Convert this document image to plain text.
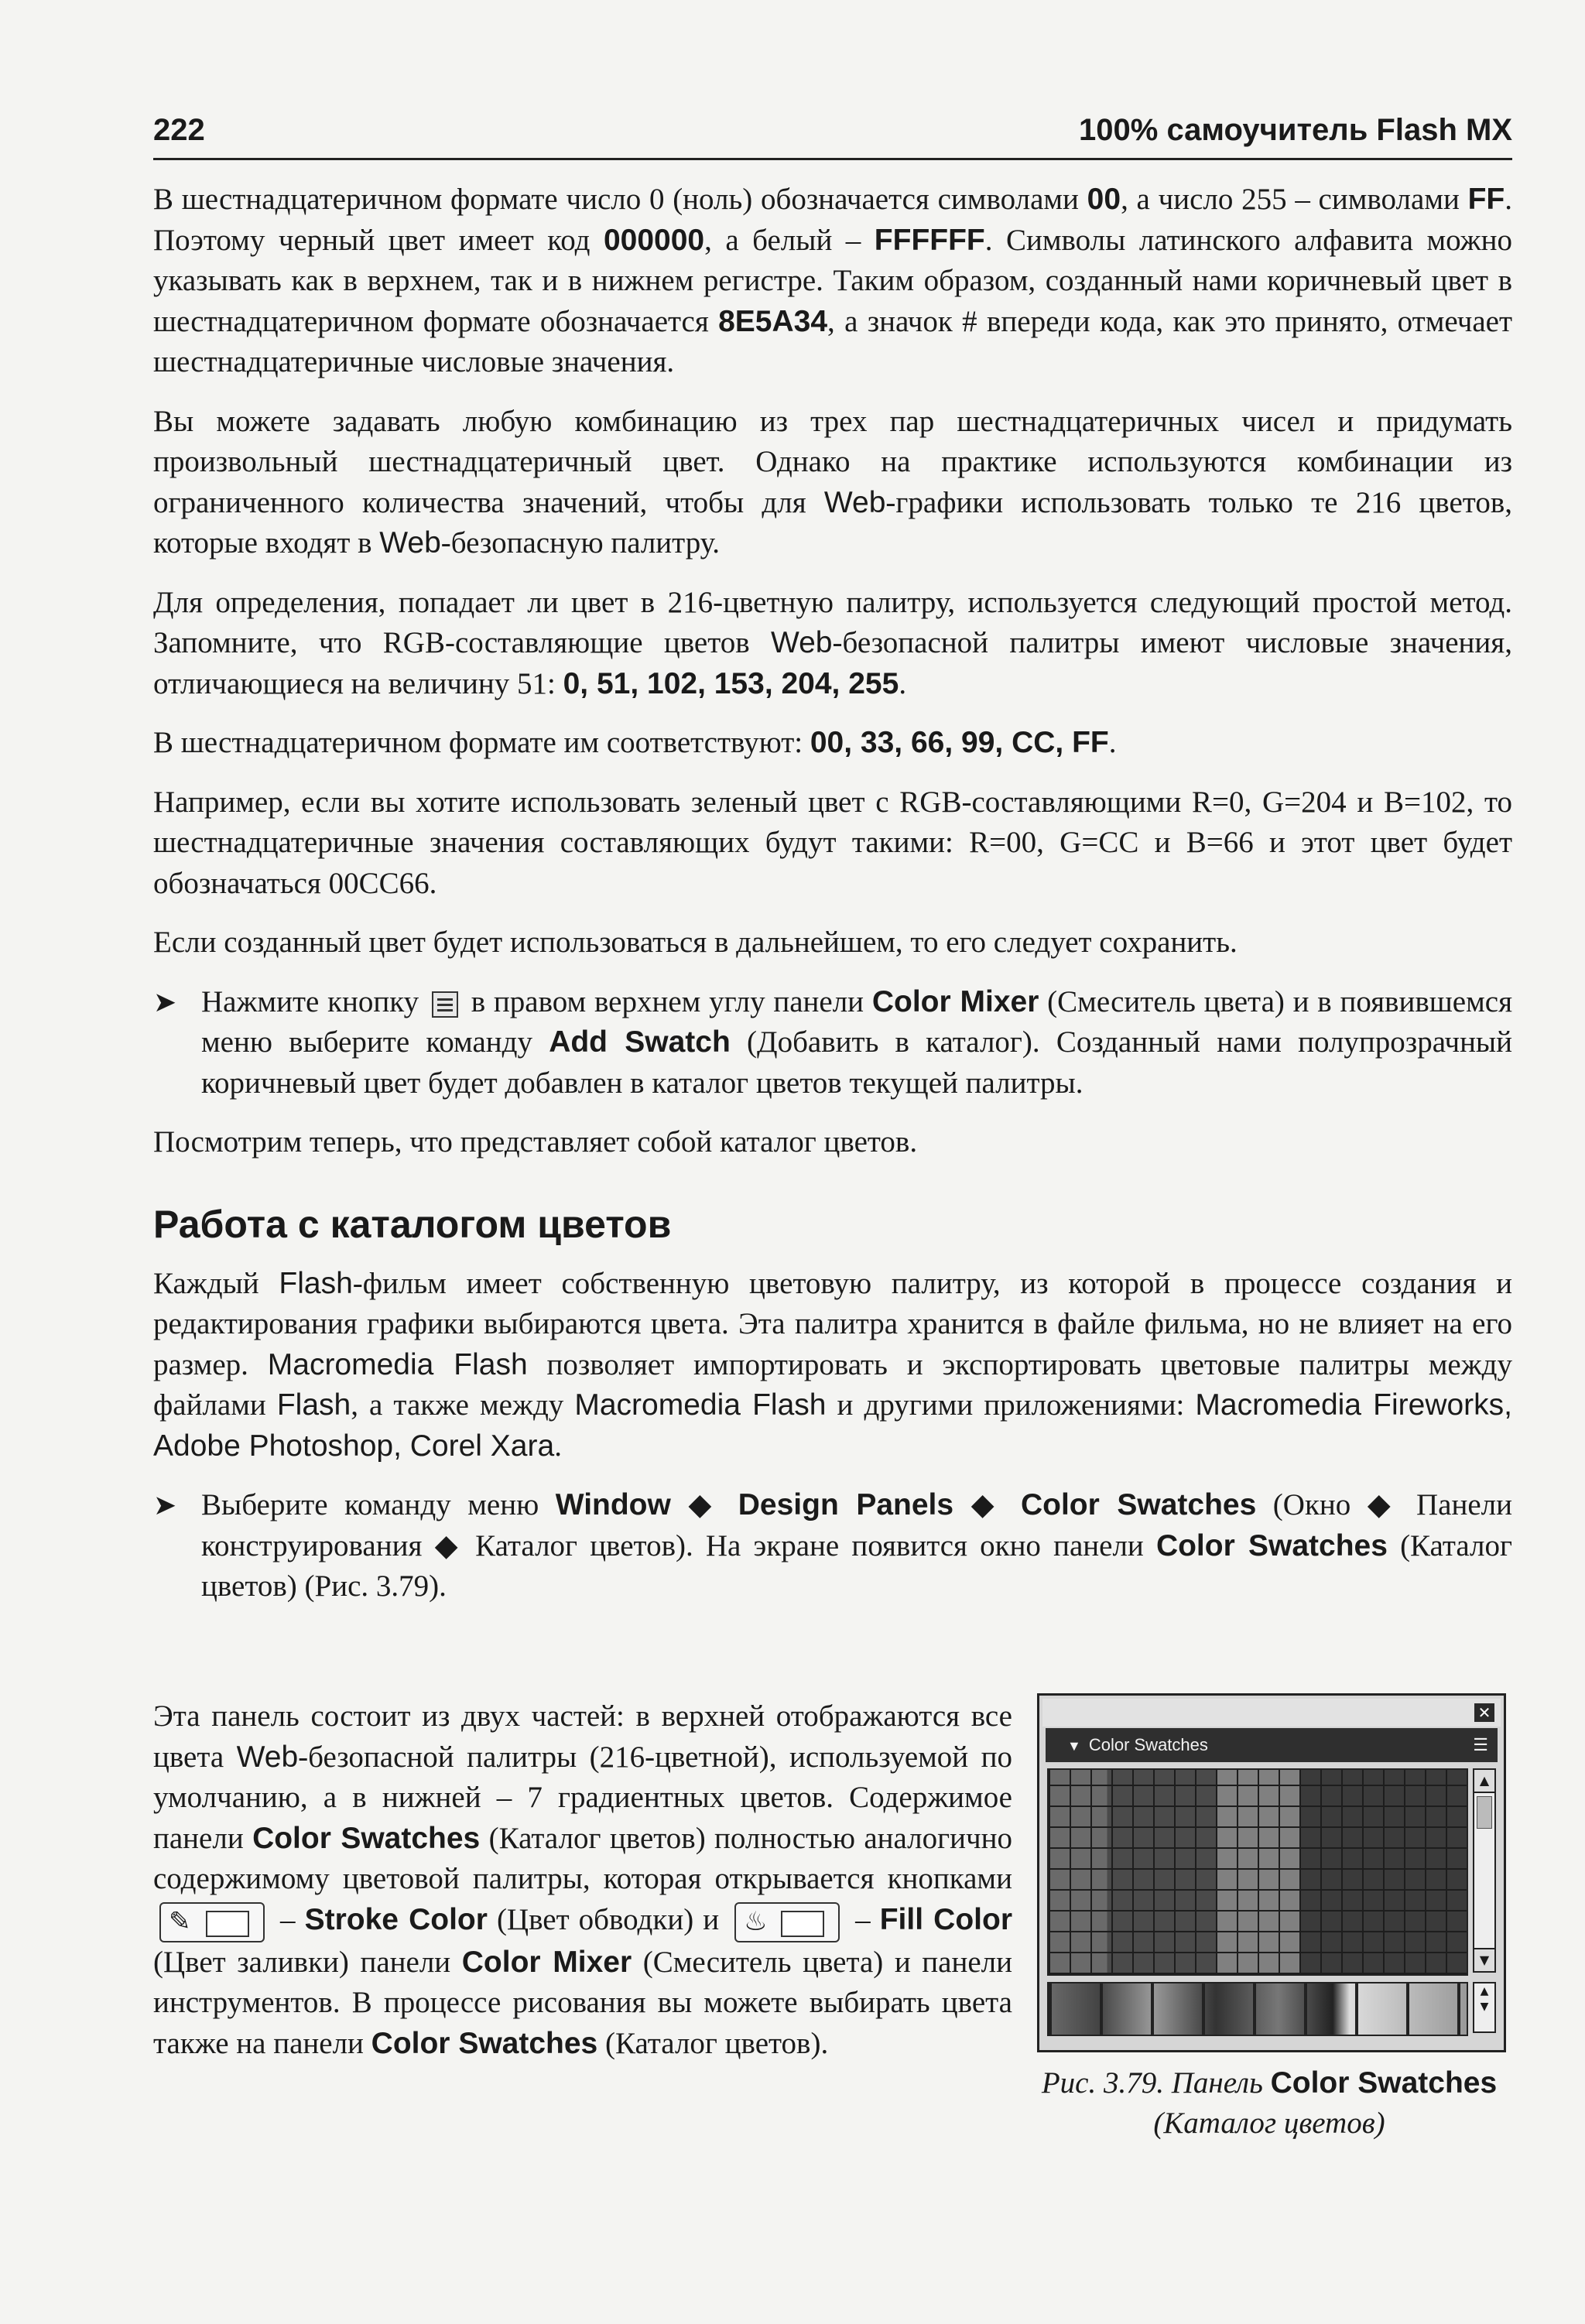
222	100% самоучитель Flash MX

В шестнадцатеричном формате число 0 (ноль) обозначается символами 00, а число 255 – символами FF. Поэтому черный цвет имеет код 000000, а белый – FFFFFF. Символы латинского алфавита можно указывать как в верхнем, так и в нижнем регистре. Таким образом, созданный нами коричневый цвет в шестнадцатеричном формате обозначается 8E5A34, а значок # впереди кода, как это принято, отмечает шестнадцатеричные числовые значения.

Вы можете задавать любую комбинацию из трех пар шестнадцатеричных чисел и придумать произвольный шестнадцатеричный цвет. Однако на практике используются комбинации из ограниченного количества значений, чтобы для Web-графики использовать только те 216 цветов, которые входят в Web-безопасную палитру.

Для определения, попадает ли цвет в 216-цветную палитру, используется следующий простой метод. Запомните, что RGB-составляющие цветов Web-безопасной палитры имеют числовые значения, отличающиеся на величину 51: 0, 51, 102, 153, 204, 255.

В шестнадцатеричном формате им соответствуют: 00, 33, 66, 99, CC, FF.

Например, если вы хотите использовать зеленый цвет с RGB-составляющими R=0, G=204 и B=102, то шестнадцатеричные значения составляющих будут такими: R=00, G=CC и B=66 и этот цвет будет обозначаться 00CC66.

Если созданный цвет будет использоваться в дальнейшем, то его следует сохранить.

➤ Нажмите кнопку  в правом верхнем углу панели Color Mixer (Смеситель цвета) и в появившемся меню выберите команду Add Swatch (Добавить в каталог). Созданный нами полупрозрачный коричневый цвет будет добавлен в каталог цветов текущей палитры.

Посмотрим теперь, что представляет собой каталог цветов.

Работа с каталогом цветов

Каждый Flash-фильм имеет собственную цветовую палитру, из которой в процессе создания и редактирования графики выбираются цвета. Эта палитра хранится в файле фильма, но не влияет на его размер. Macromedia Flash позволяет импортировать и экспортировать цветовые палитры между файлами Flash, а также между Macromedia Flash и другими приложениями: Macromedia Fireworks, Adobe Photoshop, Corel Xara.

➤ Выберите команду меню Window ◆ Design Panels ◆ Color Swatches (Окно ◆ Панели конструирования ◆ Каталог цветов). На экране появится окно панели Color Swatches (Каталог цветов) (Рис. 3.79).

Эта панель состоит из двух частей: в верхней отображаются все цвета Web-безопасной палитры (216-цветной), используемой по умолчанию, а в нижней – 7 градиентных цветов. Содержимое панели Color Swatches (Каталог цветов) полностью аналогично содержимому цветовой палитры, которая открывается кнопками
✎	– Stroke Color (Цвет обводки) и ♨	– Fill Color (Цвет заливки) панели Color Mixer (Смеситель цвета) и панели инструментов. В процессе рисования вы можете выбирать цвета также на панели Color Swatches (Каталог цветов).

✕
▼ Color Swatches	☰
▲
▼
▲
▼
Рис. 3.79. Панель Color Swatches (Каталог цветов)
